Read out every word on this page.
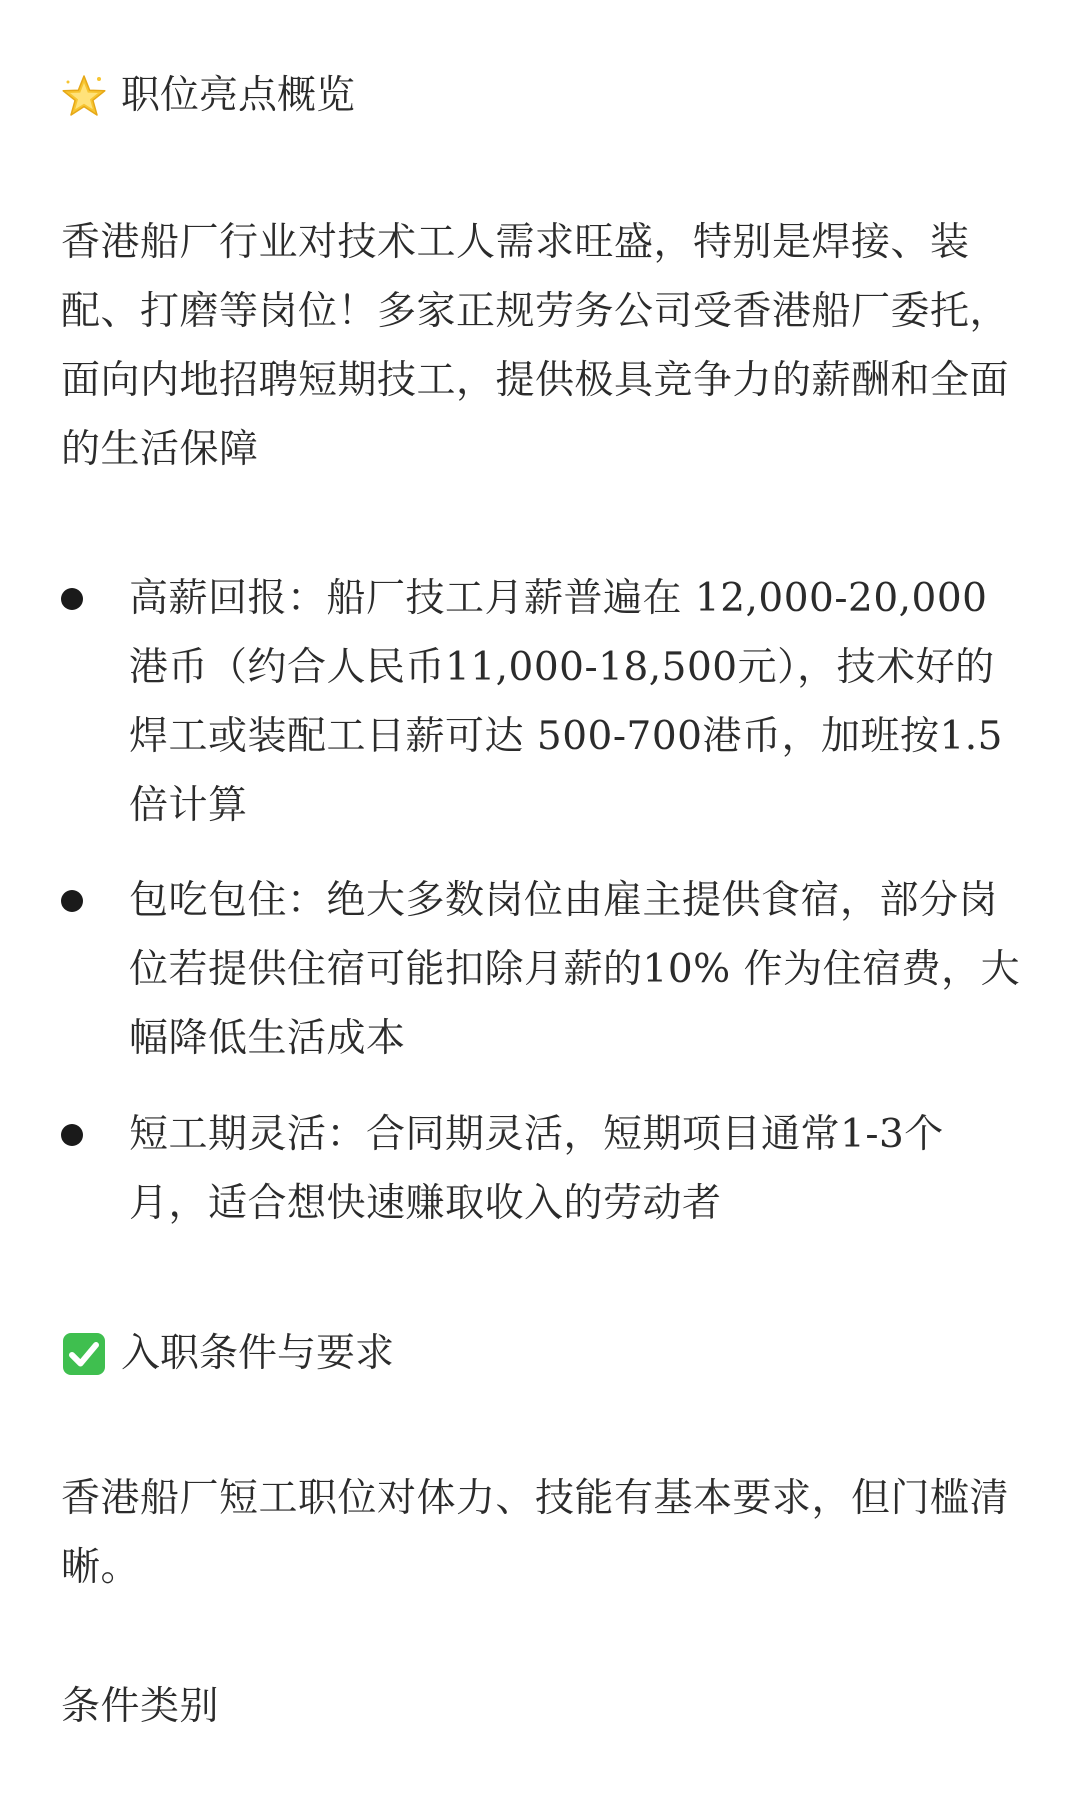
职位亮点概览

香港船厂行业对技术工人需求旺盛，特别是焊接、装配、打磨等岗位！多家正规劳务公司受香港船厂委托，面向内地招聘短期技工，提供极具竞争力的薪酬和全面的生活保障

高薪回报：船厂技工月薪普遍在 12,000-20,000港币（约合人民币11,000-18,500元），技术好的焊工或装配工日薪可达 500-700港币，加班按1.5倍计算

包吃包住：绝大多数岗位由雇主提供食宿，部分岗位若提供住宿可能扣除月薪的10% 作为住宿费，大幅降低生活成本

短工期灵活：合同期灵活，短期项目通常1-3个月，适合想快速赚取收入的劳动者

入职条件与要求

香港船厂短工职位对体力、技能有基本要求，但门槛清晰。

条件类别
